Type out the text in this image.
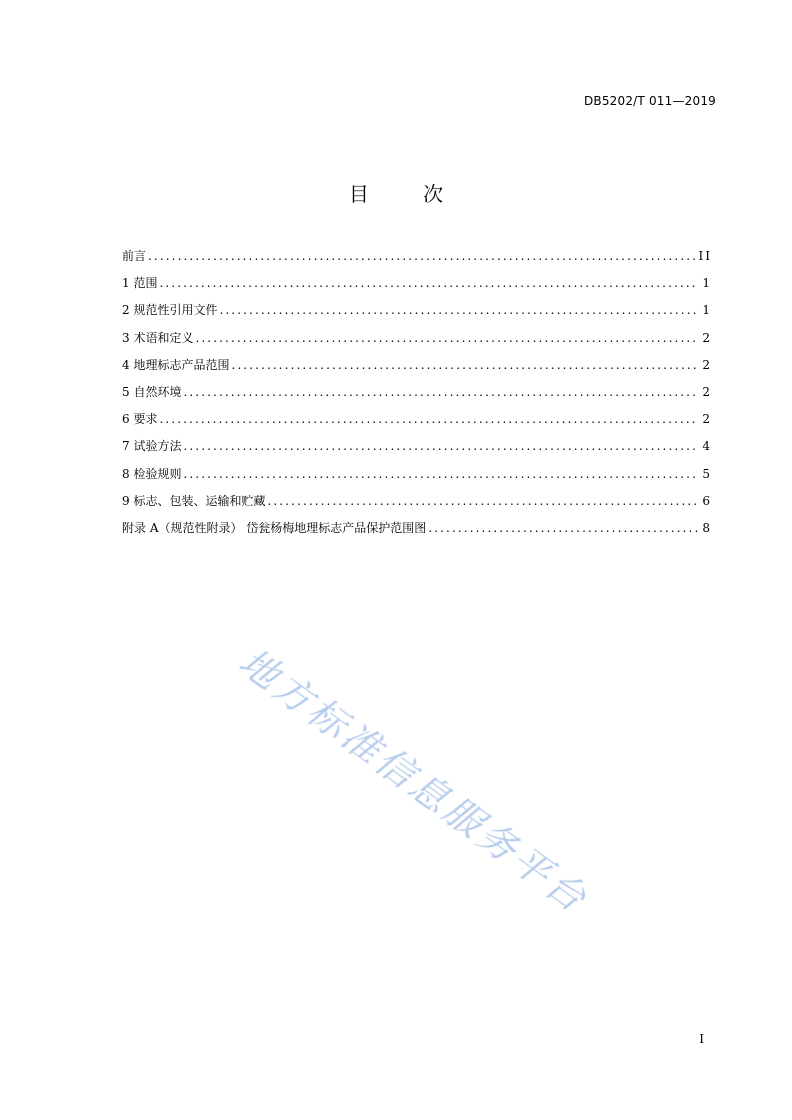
DB5202/T 011—2019
目 次
前言 .....	II
1 范围 .....	1
2 规范性引用文件 .....	1
3 术语和定义 .....	2
4 地理标志产品范围 .....	2
5 自然环境 .....	2
6 要求 .....	2
7 试验方法 .....	4
8 检验规则 .....	5
9 标志、包装、运输和贮藏 .....	6
附录 A（规范性附录） 岱瓮杨梅地理标志产品保护范围图 .....	8
地方标准信息服务平台
I
